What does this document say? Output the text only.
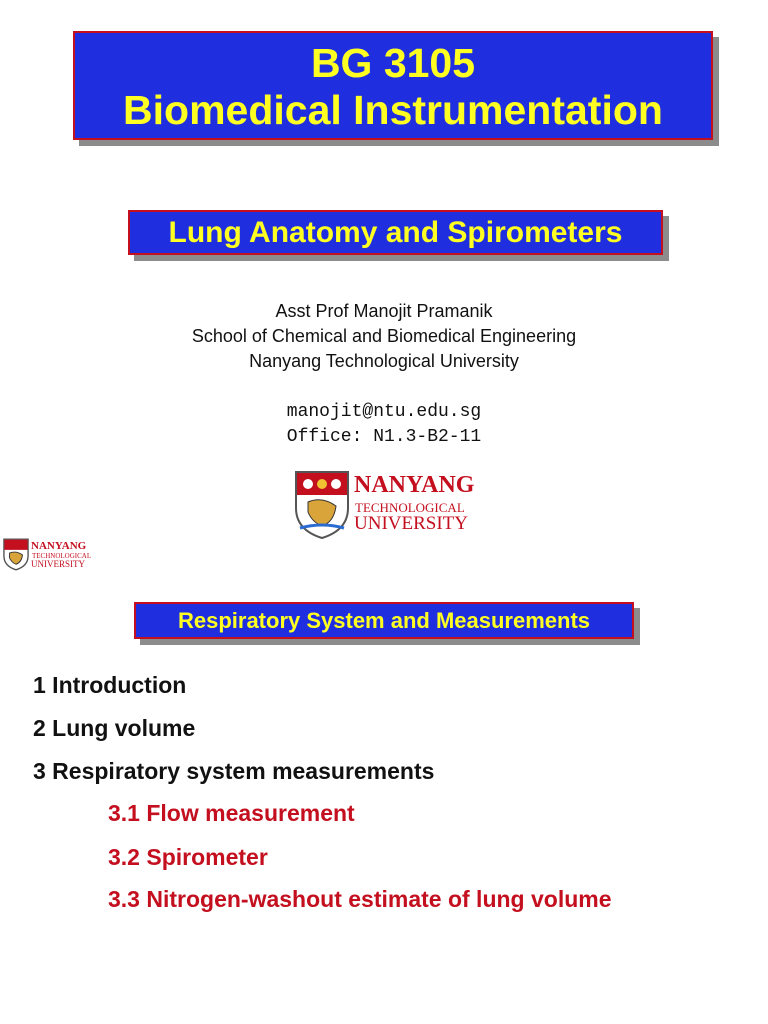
BG 3105
Biomedical Instrumentation
Lung Anatomy and Spirometers
Asst Prof Manojit Pramanik
School of Chemical and Biomedical Engineering
Nanyang Technological University
manojit@ntu.edu.sg
Office: N1.3-B2-11
NANYANG
TECHNOLOGICAL
UNIVERSITY
NANYANG
TECHNOLOGICAL
UNIVERSITY
Respiratory System and Measurements
1 Introduction
2 Lung volume
3 Respiratory system measurements
3.1 Flow measurement
3.2 Spirometer
3.3 Nitrogen-washout estimate of lung volume
